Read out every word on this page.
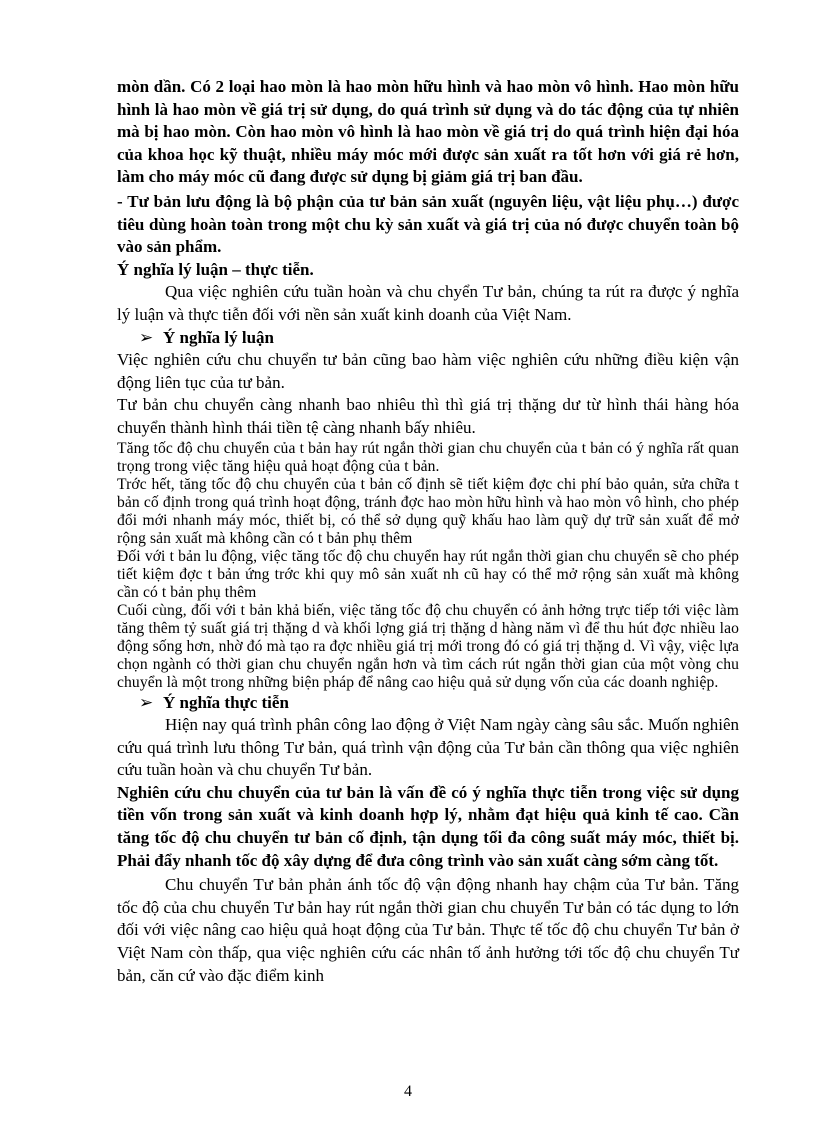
mòn dần. Có 2 loại hao mòn là hao mòn hữu hình và hao mòn vô hình. Hao mòn hữu hình là hao mòn về giá trị sử dụng, do quá trình sử dụng và do tác động của tự nhiên mà bị hao mòn. Còn hao mòn vô hình là hao mòn về giá trị do quá trình hiện đại hóa của khoa học kỹ thuật, nhiều máy móc mới được sản xuất ra tốt hơn với giá rẻ hơn, làm cho máy móc cũ đang được sử dụng bị giảm giá trị ban đầu.

- Tư bản lưu động là bộ phận của tư bản sản xuất (nguyên liệu, vật liệu phụ…) được tiêu dùng hoàn toàn trong một chu kỳ sản xuất và giá trị của nó được chuyển toàn bộ vào sản phẩm.

Ý nghĩa lý luận – thực tiễn.

Qua việc nghiên cứu tuần hoàn và chu chyển Tư bản, chúng ta rút ra được ý nghĩa lý luận và thực tiễn đối với nền sản xuất kinh doanh của Việt Nam.

➢ Ý nghĩa lý luận

Việc nghiên cứu chu chuyển tư bản cũng bao hàm việc nghiên cứu những điều kiện vận động liên tục của tư bản.

Tư bản chu chuyển càng nhanh bao nhiêu thì thì giá trị thặng dư từ hình thái hàng hóa chuyển thành hình thái tiền tệ càng nhanh bấy nhiêu.

Tăng tốc độ chu chuyển của t bản hay rút ngắn thời gian chu chuyển của t bản có ý nghĩa rất quan trọng trong việc tăng hiệu quả hoạt động của t bản.

Trớc hết, tăng tốc độ chu chuyển của t bản cố định sẽ tiết kiệm đợc chi phí bảo quản, sửa chữa t bản cố định trong quá trình hoạt động, tránh đợc hao mòn hữu hình và hao mòn vô hình, cho phép đổi mới nhanh máy móc, thiết bị, có thể sở dụng quỹ khấu hao làm quỹ dự trữ sản xuất để mở rộng sản xuất mà không cần có t bản phụ thêm

Đối với t bản lu động, việc tăng tốc độ chu chuyển hay rút ngắn thời gian chu chuyển sẽ cho phép tiết kiệm đợc t bản ứng trớc khi quy mô sản xuất nh cũ hay có thể mở rộng sản xuất mà không cần có t bản phụ thêm

Cuối cùng, đối với t bản khả biến, việc tăng tốc độ chu chuyển có ảnh hởng trực tiếp tới việc làm tăng thêm tỷ suất giá trị thặng d và khối lợng giá trị thặng d hàng năm vì để thu hút đợc nhiều lao động sống hơn, nhờ đó mà tạo ra đợc nhiều giá trị mới trong đó có giá trị thặng d. Vì vậy, việc lựa chọn ngành có thời gian chu chuyển ngắn hơn và tìm cách rút ngắn thời gian của một vòng chu chuyển là một trong những biện pháp để nâng cao hiệu quả sử dụng vốn của các doanh nghiệp.

➢ Ý nghĩa thực tiễn

Hiện nay quá trình phân công lao động ở Việt Nam ngày càng sâu sắc. Muốn nghiên cứu quá trình lưu thông Tư bản, quá trình vận động của Tư bản cần thông qua việc nghiên cứu tuần hoàn và chu chuyển Tư bản.

Nghiên cứu chu chuyển của tư bản là vấn đề có ý nghĩa thực tiễn trong việc sử dụng tiền vốn trong sản xuất và kinh doanh hợp lý, nhằm đạt hiệu quả kinh tế cao. Cần tăng tốc độ chu chuyển tư bản cố định, tận dụng tối đa công suất máy móc, thiết bị. Phải đẩy nhanh tốc độ xây dựng để đưa công trình vào sản xuất càng sớm càng tốt.

Chu chuyển Tư bản phản ánh tốc độ vận động nhanh hay chậm của Tư bản. Tăng tốc độ của chu chuyển Tư bản hay rút ngắn thời gian chu chuyển Tư bản có tác dụng to lớn đối với việc nâng cao hiệu quả hoạt động của Tư bản. Thực tế tốc độ chu chuyển Tư bản ở Việt Nam còn thấp, qua việc nghiên cứu các nhân tố ảnh hưởng tới tốc độ chu chuyển Tư bản, căn cứ vào đặc điểm kinh

4
